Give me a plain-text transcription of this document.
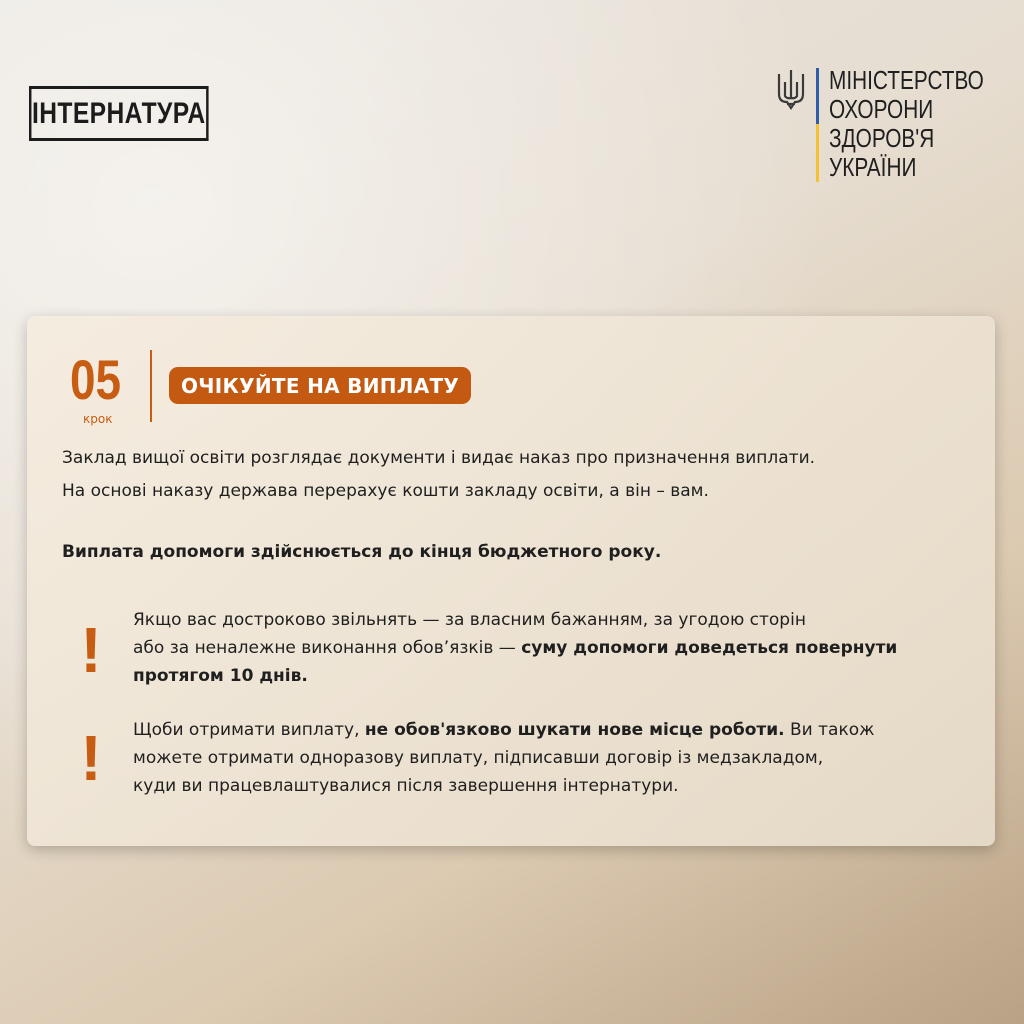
ІНТЕРНАТУРА
МІНІСТЕРСТВО
ОХОРОНИ
ЗДОРОВ'Я
УКРАЇНИ
05
крок
ОЧІКУЙТЕ НА ВИПЛАТУ
Заклад вищої освіти розглядає документи і видає наказ про призначення виплати.
На основі наказу держава перерахує кошти закладу освіти, а він – вам.
Виплата допомоги здійснюється до кінця бюджетного року.
! Якщо вас достроково звільнять — за власним бажанням, за угодою сторін
або за неналежне виконання обов’язків — суму допомоги доведеться повернути
протягом 10 днів.
! Щоби отримати виплату, не обов'язково шукати нове місце роботи. Ви також
можете отримати одноразову виплату, підписавши договір із медзакладом,
куди ви працевлаштувалися після завершення інтернатури.
